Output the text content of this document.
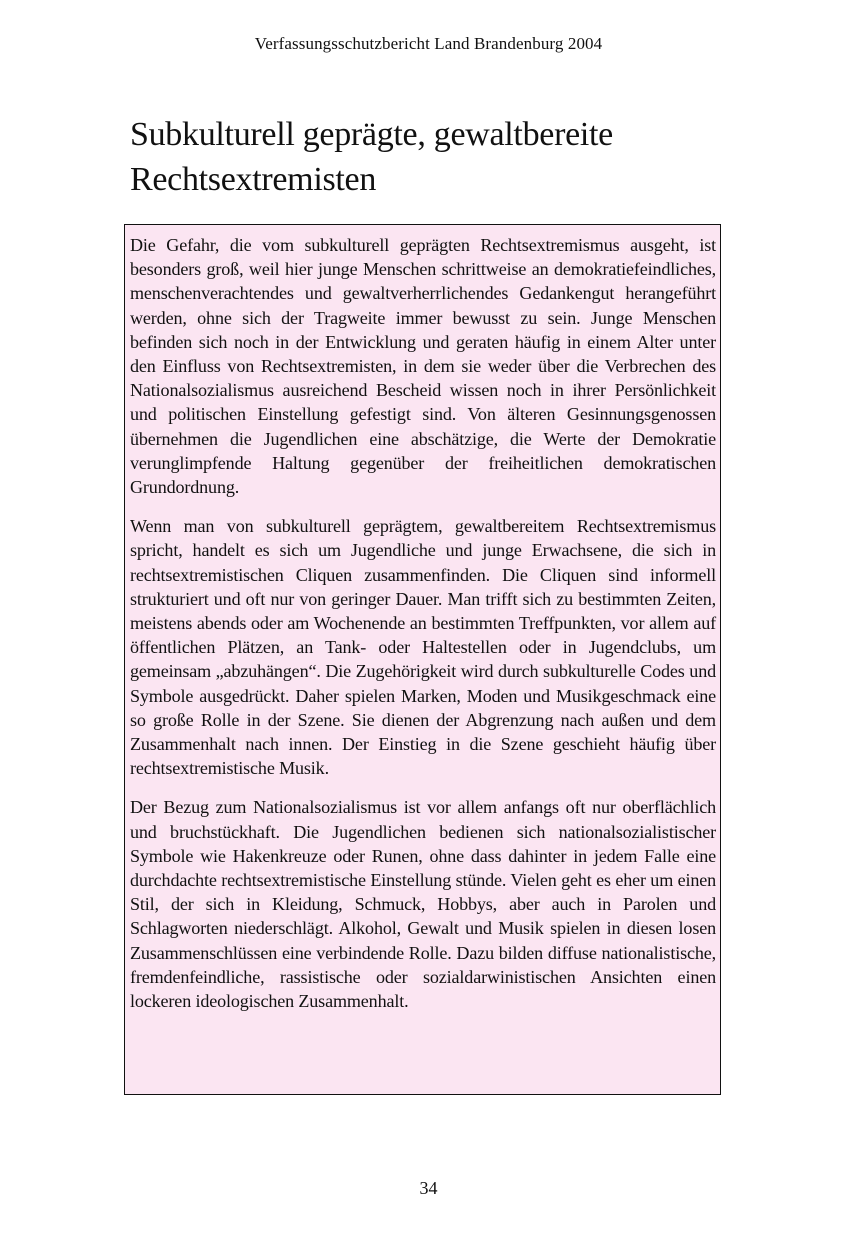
Verfassungsschutzbericht Land Brandenburg 2004
Subkulturell geprägte, gewaltbereite Rechtsextremisten

Die Gefahr, die vom subkulturell geprägten Rechtsextremismus ausgeht, ist besonders groß, weil hier junge Menschen schrittweise an demokratiefeindliches, menschenverachtendes und gewaltverherrlichendes Gedankengut herangeführt werden, ohne sich der Tragweite immer bewusst zu sein. Junge Menschen befinden sich noch in der Entwicklung und geraten häufig in einem Alter unter den Einfluss von Rechtsextremisten, in dem sie weder über die Verbrechen des Nationalsozialismus ausreichend Bescheid wissen noch in ihrer Persönlichkeit und politischen Einstellung gefestigt sind. Von älteren Gesinnungsgenossen übernehmen die Jugendlichen eine abschätzige, die Werte der Demokratie verunglimpfende Haltung gegenüber der freiheitlichen demokratischen Grundordnung.

Wenn man von subkulturell geprägtem, gewaltbereitem Rechtsextremismus spricht, handelt es sich um Jugendliche und junge Erwachsene, die sich in rechtsextremistischen Cliquen zusammenfinden. Die Cliquen sind informell strukturiert und oft nur von geringer Dauer. Man trifft sich zu bestimmten Zeiten, meistens abends oder am Wochenende an bestimmten Treffpunkten, vor allem auf öffentlichen Plätzen, an Tank- oder Haltestellen oder in Jugendclubs, um gemeinsam „abzuhängen“. Die Zugehörigkeit wird durch subkulturelle Codes und Symbole ausgedrückt. Daher spielen Marken, Moden und Musikgeschmack eine so große Rolle in der Szene. Sie dienen der Abgrenzung nach außen und dem Zusammenhalt nach innen. Der Einstieg in die Szene geschieht häufig über rechtsextremistische Musik.

Der Bezug zum Nationalsozialismus ist vor allem anfangs oft nur oberflächlich und bruchstückhaft. Die Jugendlichen bedienen sich nationalsozialistischer Symbole wie Hakenkreuze oder Runen, ohne dass dahinter in jedem Falle eine durchdachte rechtsextremistische Einstellung stünde. Vielen geht es eher um einen Stil, der sich in Kleidung, Schmuck, Hobbys, aber auch in Parolen und Schlagworten niederschlägt. Alkohol, Gewalt und Musik spielen in diesen losen Zusammenschlüssen eine verbindende Rolle. Dazu bilden diffuse nationalistische, fremdenfeindliche, rassistische oder sozialdarwinistischen Ansichten einen lockeren ideologischen Zusammenhalt.

34
